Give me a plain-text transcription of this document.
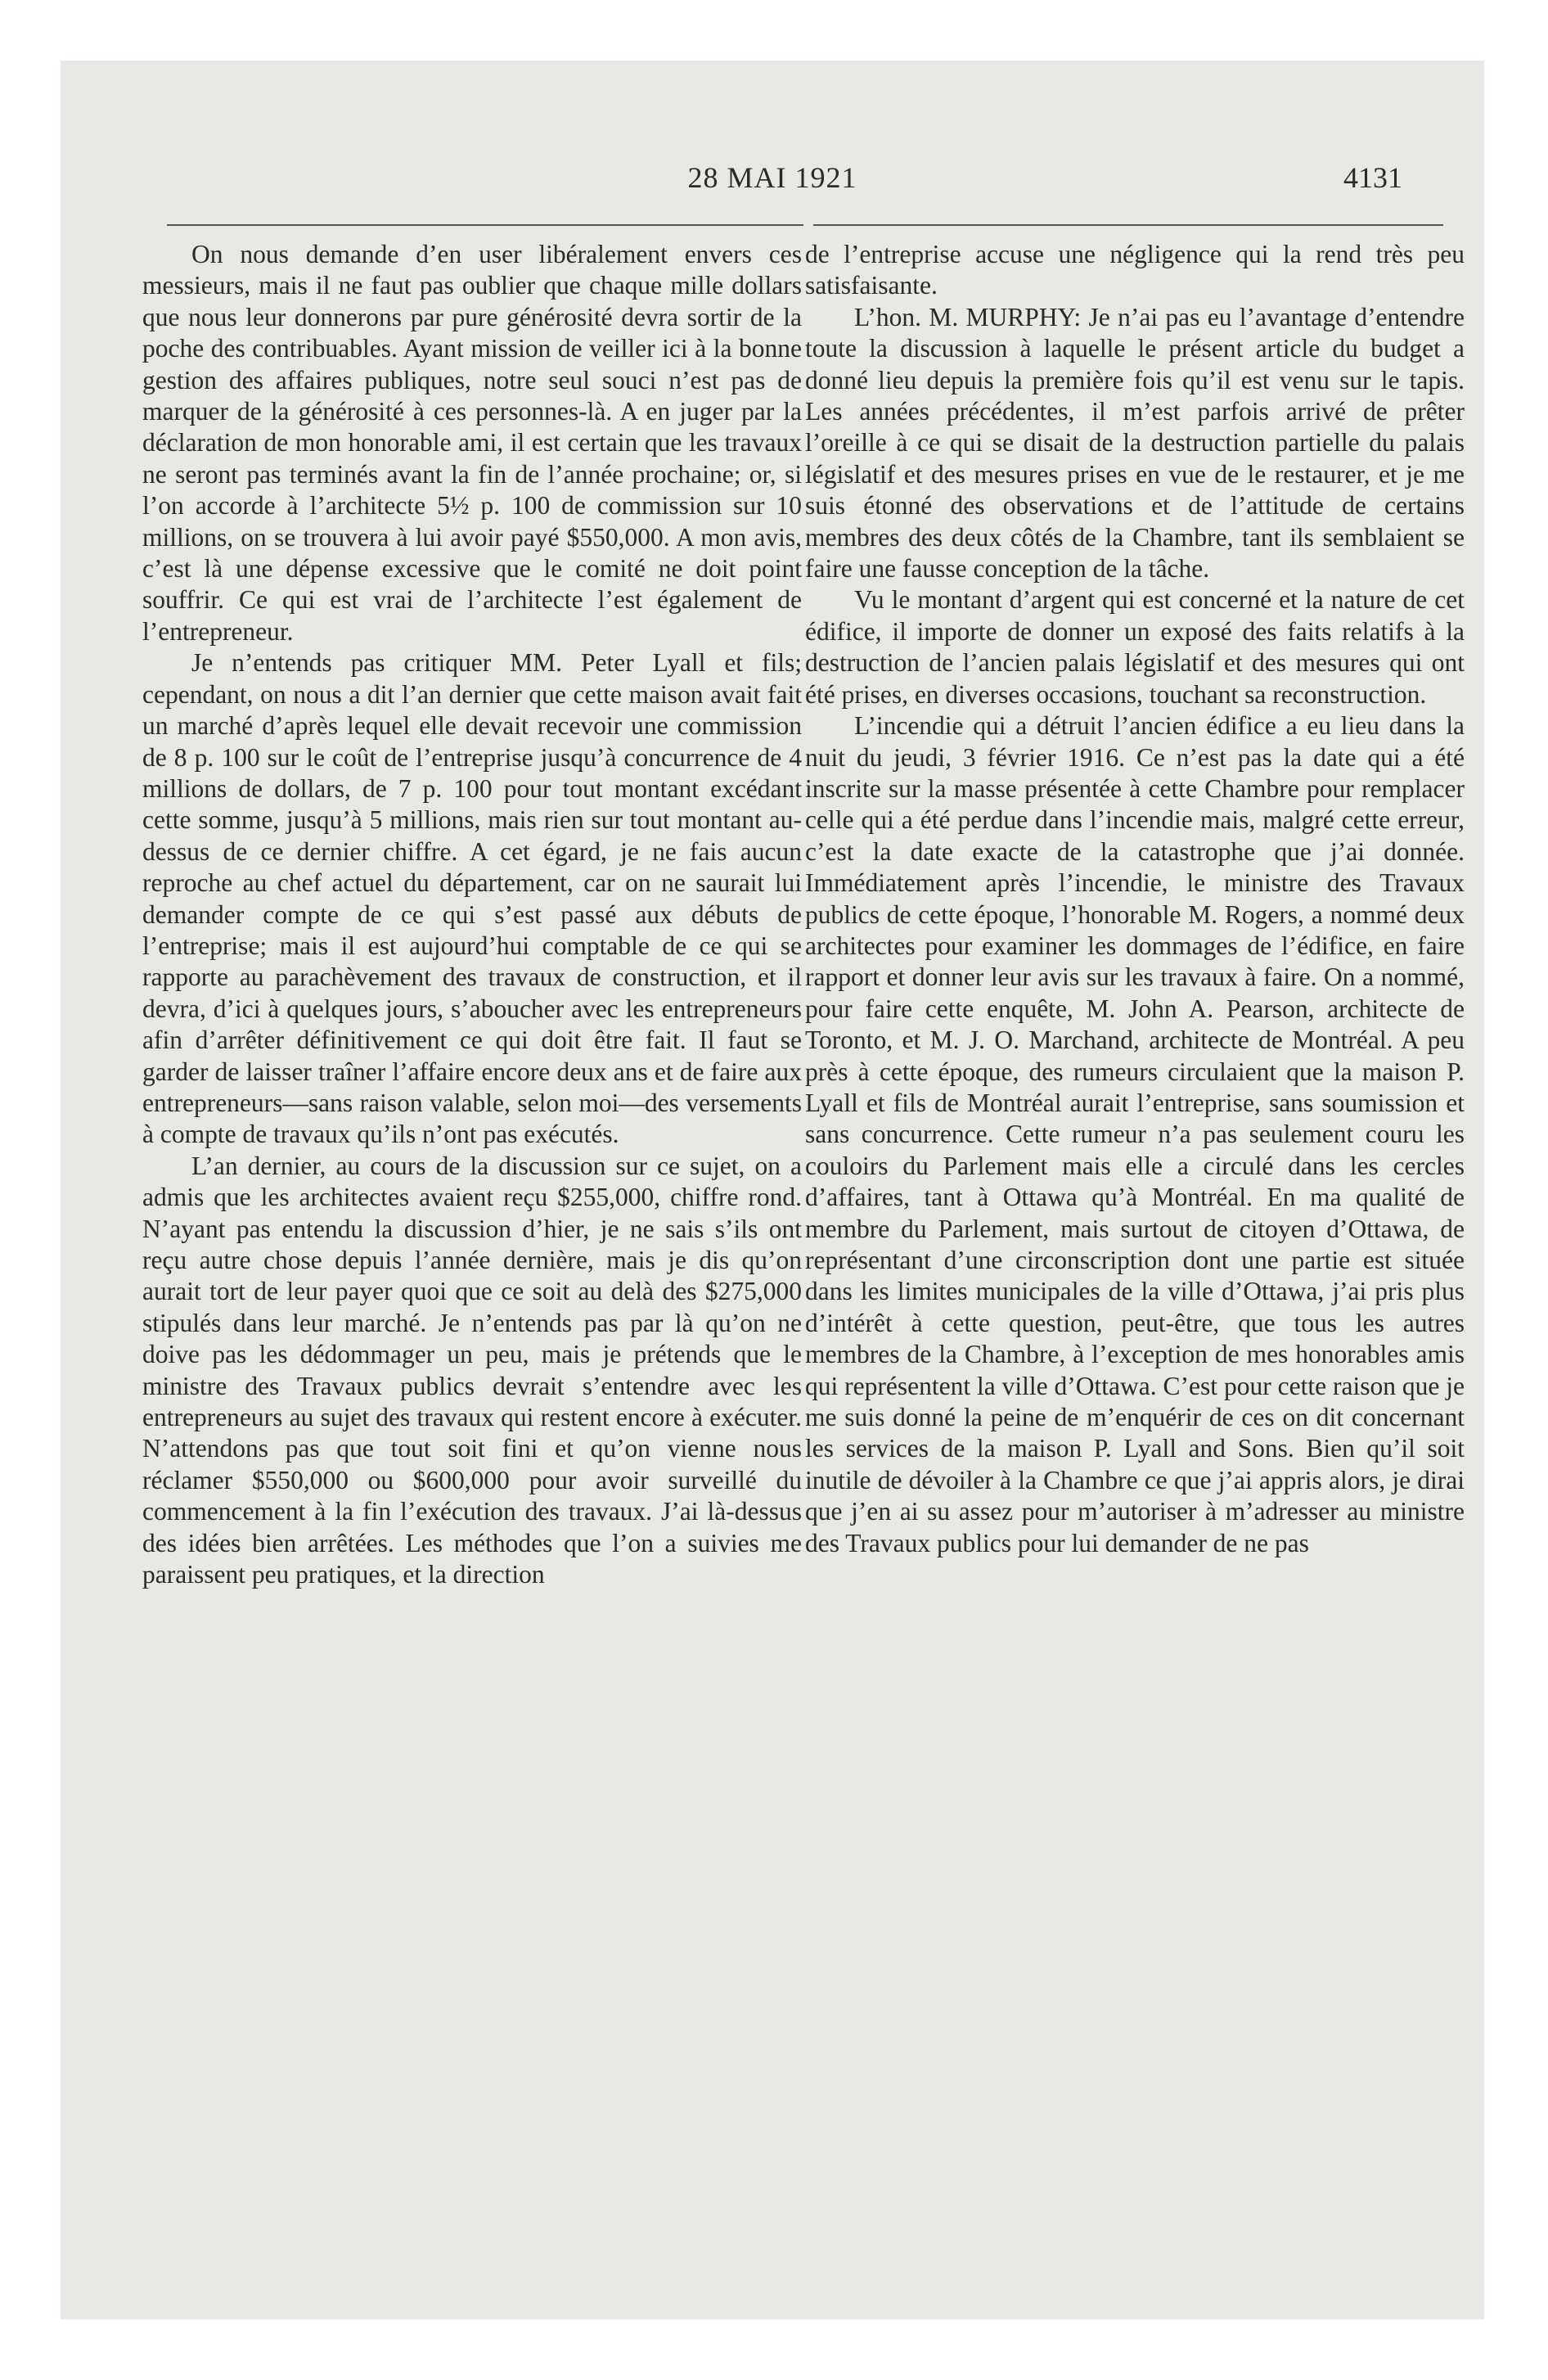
28 MAI 1921	4131

On nous demande d’en user libéralement envers ces messieurs, mais il ne faut pas oublier que chaque mille dollars que nous leur donnerons par pure générosité devra sortir de la poche des contribuables. Ayant mission de veiller ici à la bonne gestion des affaires publiques, notre seul souci n’est pas de marquer de la générosité à ces personnes-là. A en juger par la déclaration de mon honorable ami, il est certain que les travaux ne seront pas terminés avant la fin de l’année prochaine; or, si l’on accorde à l’architecte 5½ p. 100 de commission sur 10 millions, on se trouvera à lui avoir payé $550,000. A mon avis, c’est là une dépense excessive que le comité ne doit point souffrir. Ce qui est vrai de l’architecte l’est également de l’entrepreneur.

Je n’entends pas critiquer MM. Peter Lyall et fils; cependant, on nous a dit l’an dernier que cette maison avait fait un marché d’après lequel elle devait recevoir une commission de 8 p. 100 sur le coût de l’entreprise jusqu’à concurrence de 4 millions de dollars, de 7 p. 100 pour tout montant excédant cette somme, jusqu’à 5 millions, mais rien sur tout montant au-dessus de ce dernier chiffre. A cet égard, je ne fais aucun reproche au chef actuel du département, car on ne saurait lui demander compte de ce qui s’est passé aux débuts de l’entreprise; mais il est aujourd’hui comptable de ce qui se rapporte au parachèvement des travaux de construction, et il devra, d’ici à quelques jours, s’aboucher avec les entrepreneurs afin d’arrêter définitivement ce qui doit être fait. Il faut se garder de laisser traîner l’affaire encore deux ans et de faire aux entrepreneurs—sans raison valable, selon moi—des versements à compte de travaux qu’ils n’ont pas exécutés.

L’an dernier, au cours de la discussion sur ce sujet, on a admis que les architectes avaient reçu $255,000, chiffre rond. N’ayant pas entendu la discussion d’hier, je ne sais s’ils ont reçu autre chose depuis l’année dernière, mais je dis qu’on aurait tort de leur payer quoi que ce soit au delà des $275,000 stipulés dans leur marché. Je n’entends pas par là qu’on ne doive pas les dédommager un peu, mais je prétends que le ministre des Travaux publics devrait s’entendre avec les entrepreneurs au sujet des travaux qui restent encore à exécuter. N’attendons pas que tout soit fini et qu’on vienne nous réclamer $550,000 ou $600,000 pour avoir surveillé du commencement à la fin l’exécution des travaux. J’ai là-dessus des idées bien arrêtées. Les méthodes que l’on a suivies me paraissent peu pratiques, et la direction

de l’entreprise accuse une négligence qui la rend très peu satisfaisante.

L’hon. M. MURPHY: Je n’ai pas eu l’avantage d’entendre toute la discussion à laquelle le présent article du budget a donné lieu depuis la première fois qu’il est venu sur le tapis. Les années précédentes, il m’est parfois arrivé de prêter l’oreille à ce qui se disait de la destruction partielle du palais législatif et des mesures prises en vue de le restaurer, et je me suis étonné des observations et de l’attitude de certains membres des deux côtés de la Chambre, tant ils semblaient se faire une fausse conception de la tâche.

Vu le montant d’argent qui est concerné et la nature de cet édifice, il importe de donner un exposé des faits relatifs à la destruction de l’ancien palais législatif et des mesures qui ont été prises, en diverses occasions, touchant sa reconstruction.

L’incendie qui a détruit l’ancien édifice a eu lieu dans la nuit du jeudi, 3 février 1916. Ce n’est pas la date qui a été inscrite sur la masse présentée à cette Chambre pour remplacer celle qui a été perdue dans l’incendie mais, malgré cette erreur, c’est la date exacte de la catastrophe que j’ai donnée. Immédiatement après l’incendie, le ministre des Travaux publics de cette époque, l’honorable M. Rogers, a nommé deux architectes pour examiner les dommages de l’édifice, en faire rapport et donner leur avis sur les travaux à faire. On a nommé, pour faire cette enquête, M. John A. Pearson, architecte de Toronto, et M. J. O. Marchand, architecte de Montréal. A peu près à cette époque, des rumeurs circulaient que la maison P. Lyall et fils de Montréal aurait l’entreprise, sans soumission et sans concurrence. Cette rumeur n’a pas seulement couru les couloirs du Parlement mais elle a circulé dans les cercles d’affaires, tant à Ottawa qu’à Montréal. En ma qualité de membre du Parlement, mais surtout de citoyen d’Ottawa, de représentant d’une circonscription dont une partie est située dans les limites municipales de la ville d’Ottawa, j’ai pris plus d’intérêt à cette question, peut-être, que tous les autres membres de la Chambre, à l’exception de mes honorables amis qui représentent la ville d’Ottawa. C’est pour cette raison que je me suis donné la peine de m’enquérir de ces on dit concernant les services de la maison P. Lyall and Sons. Bien qu’il soit inutile de dévoiler à la Chambre ce que j’ai appris alors, je dirai que j’en ai su assez pour m’autoriser à m’adresser au ministre des Travaux publics pour lui demander de ne pas
